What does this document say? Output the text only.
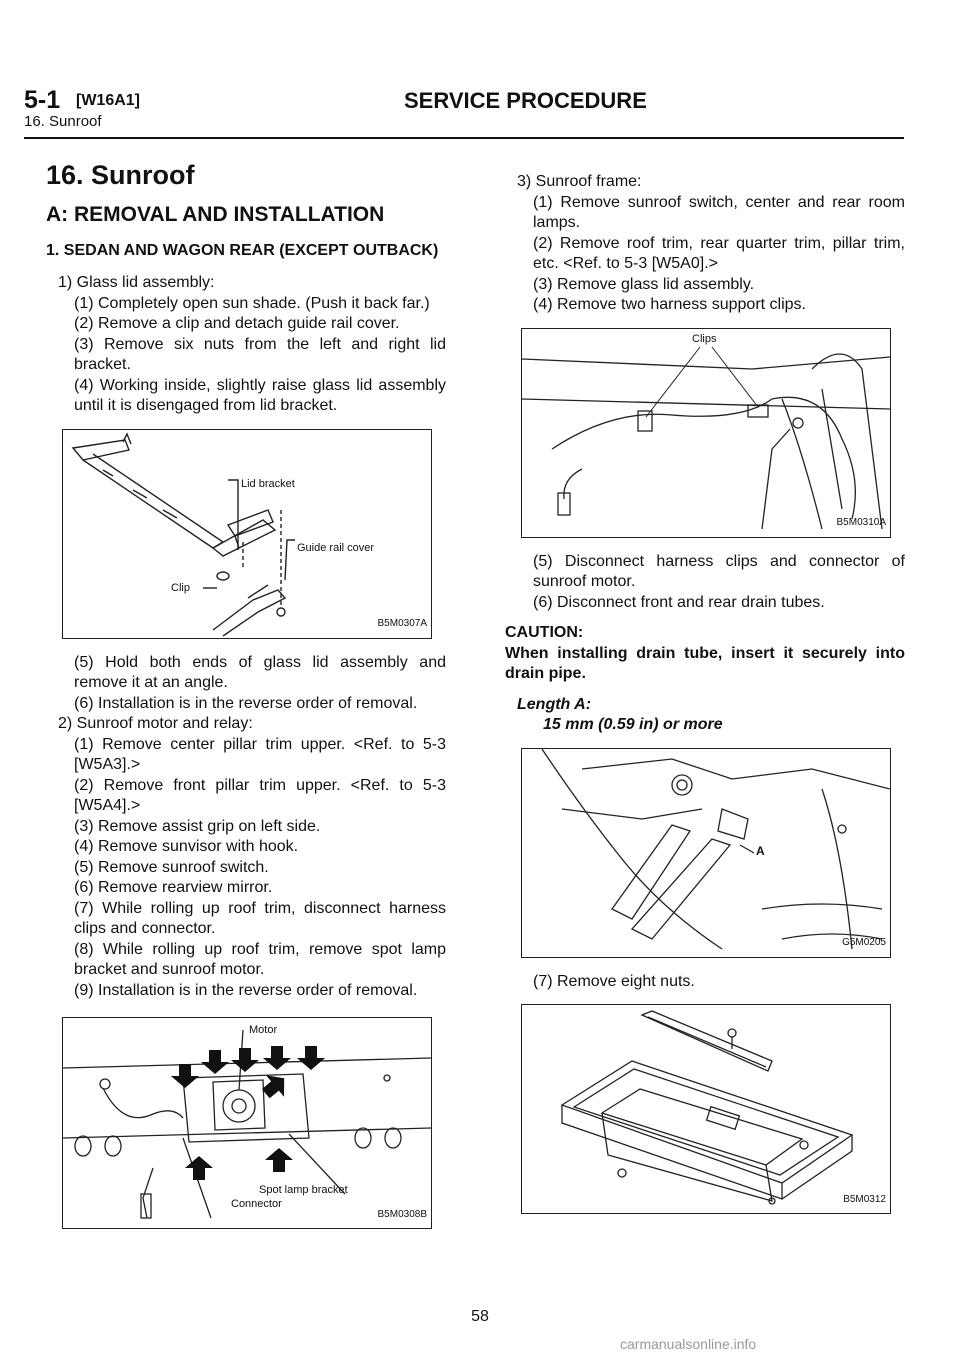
5-1 [W16A1]	SERVICE PROCEDURE
16. Sunroof

16. Sunroof

A: REMOVAL AND INSTALLATION

1. SEDAN AND WAGON REAR (EXCEPT OUTBACK)

1) Glass lid assembly:

(1) Completely open sun shade. (Push it back far.)

(2) Remove a clip and detach guide rail cover.

(3) Remove six nuts from the left and right lid bracket.

(4) Working inside, slightly raise glass lid assembly until it is disengaged from lid bracket.

Lid bracket
Guide rail cover
Clip
B5M0307A

(5) Hold both ends of glass lid assembly and remove it at an angle.

(6) Installation is in the reverse order of removal.

2) Sunroof motor and relay:

(1) Remove center pillar trim upper. <Ref. to 5-3 [W5A3].>

(2) Remove front pillar trim upper. <Ref. to 5-3 [W5A4].>

(3) Remove assist grip on left side.

(4) Remove sunvisor with hook.

(5) Remove sunroof switch.

(6) Remove rearview mirror.

(7) While rolling up roof trim, disconnect harness clips and connector.

(8) While rolling up roof trim, remove spot lamp bracket and sunroof motor.

(9) Installation is in the reverse order of removal.

Motor
Spot lamp bracket
Connector
B5M0308B

3) Sunroof frame:

(1) Remove sunroof switch, center and rear room lamps.

(2) Remove roof trim, rear quarter trim, pillar trim, etc. <Ref. to 5-3 [W5A0].>

(3) Remove glass lid assembly.

(4) Remove two harness support clips.

Clips
B5M0310A

(5) Disconnect harness clips and connector of sunroof motor.

(6) Disconnect front and rear drain tubes.

CAUTION:

When installing drain tube, insert it securely into drain pipe.

Length A:

15 mm (0.59 in) or more

A
G5M0205

(7) Remove eight nuts.

B5M0312
58
carmanualsonline.info
